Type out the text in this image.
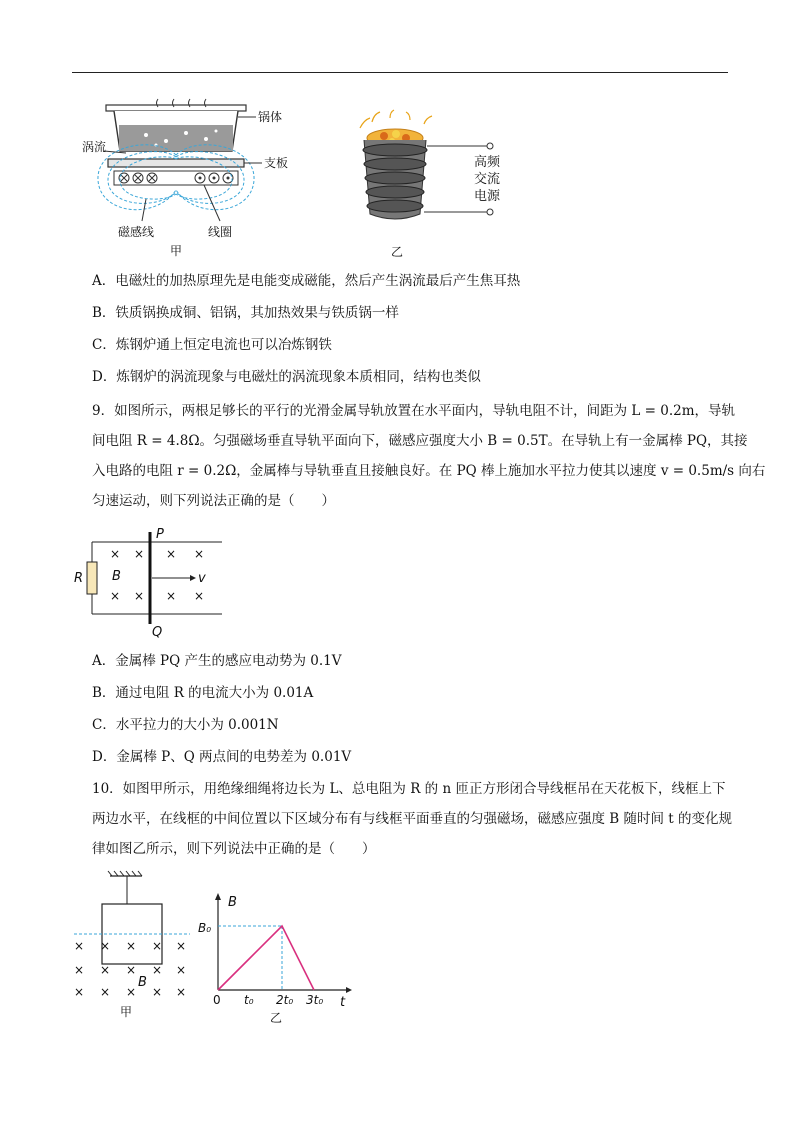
锅体
涡流
支板
磁感线	线圈
甲
高频
交流
电源
乙
A．电磁灶的加热原理先是电能变成磁能，然后产生涡流最后产生焦耳热
B．铁质锅换成铜、铝锅，其加热效果与铁质锅一样
C．炼钢炉通上恒定电流也可以冶炼钢铁
D．炼钢炉的涡流现象与电磁灶的涡流现象本质相同，结构也类似
9．如图所示，两根足够长的平行的光滑金属导轨放置在水平面内，导轨电阻不计，间距为 L = 0.2m，导轨
间电阻 R = 4.8Ω。匀强磁场垂直导轨平面向下，磁感应强度大小 B = 0.5T。在导轨上有一金属棒 PQ，其接
入电路的电阻 r = 0.2Ω，金属棒与导轨垂直且接触良好。在 PQ 棒上施加水平拉力使其以速度 v = 0.5m/s 向右
匀速运动，则下列说法正确的是（　　）
× × × ×
× × × ×
P
Q
R B	v
A．金属棒 PQ 产生的感应电动势为 0.1V
B．通过电阻 R 的电流大小为 0.01A
C．水平拉力的大小为 0.001N
D．金属棒 P、Q 两点间的电势差为 0.01V
10．如图甲所示，用绝缘细绳将边长为 L、总电阻为 R 的 n 匝正方形闭合导线框吊在天花板下，线框上下
两边水平，在线框的中间位置以下区域分布有与线框平面垂直的匀强磁场，磁感应强度 B 随时间 t 的变化规
律如图乙所示，则下列说法中正确的是（　　）
× × × × ×
× × × × ×
× × × × ×
B
甲
B
t
B₀
0 t₀ 2t₀ 3t₀
乙
